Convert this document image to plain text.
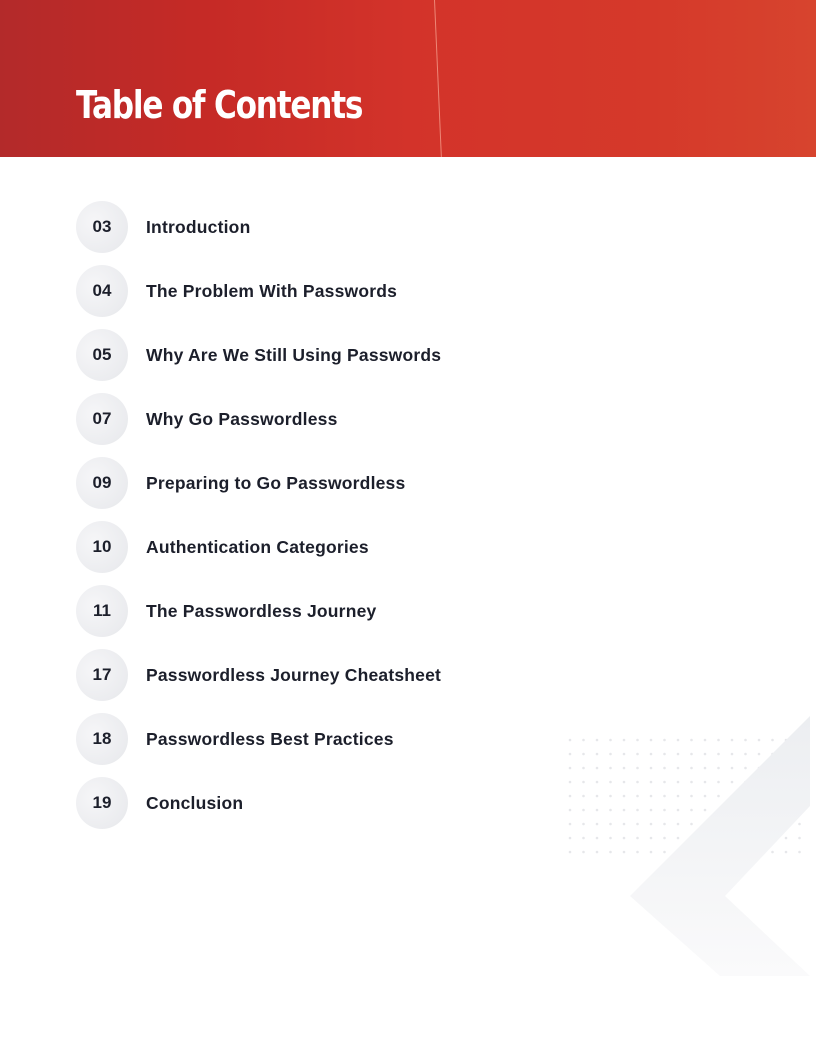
Table of Contents
03	Introduction
04	The Problem With Passwords
05	Why Are We Still Using Passwords
07	Why Go Passwordless
09	Preparing to Go Passwordless
10	Authentication Categories
11	The Passwordless Journey
17	Passwordless Journey Cheatsheet
18	Passwordless Best Practices
19	Conclusion
